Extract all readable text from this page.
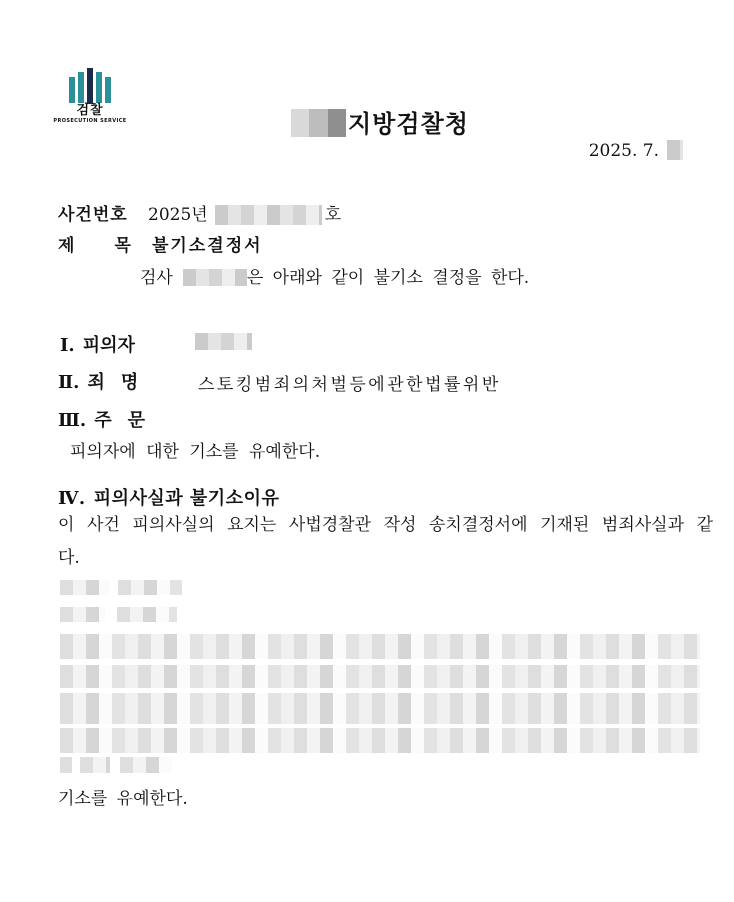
검찰
PROSECUTION SERVICE	지방검찰청
2025. 7.
사건번호 2025년	호
제 목 불기소결정서
검사	은 아래와 같이 불기소 결정을 한다.
Ⅰ. 피의자
Ⅱ. 죄 명	스토킹범죄의처벌등에관한법률위반
Ⅲ. 주 문
피의자에 대한 기소를 유예한다.
Ⅳ. 피의사실과 불기소이유
이 사건 피의사실의 요지는 사법경찰관 작성 송치결정서에 기재된 범죄사실과 같
다.
기소를 유예한다.
